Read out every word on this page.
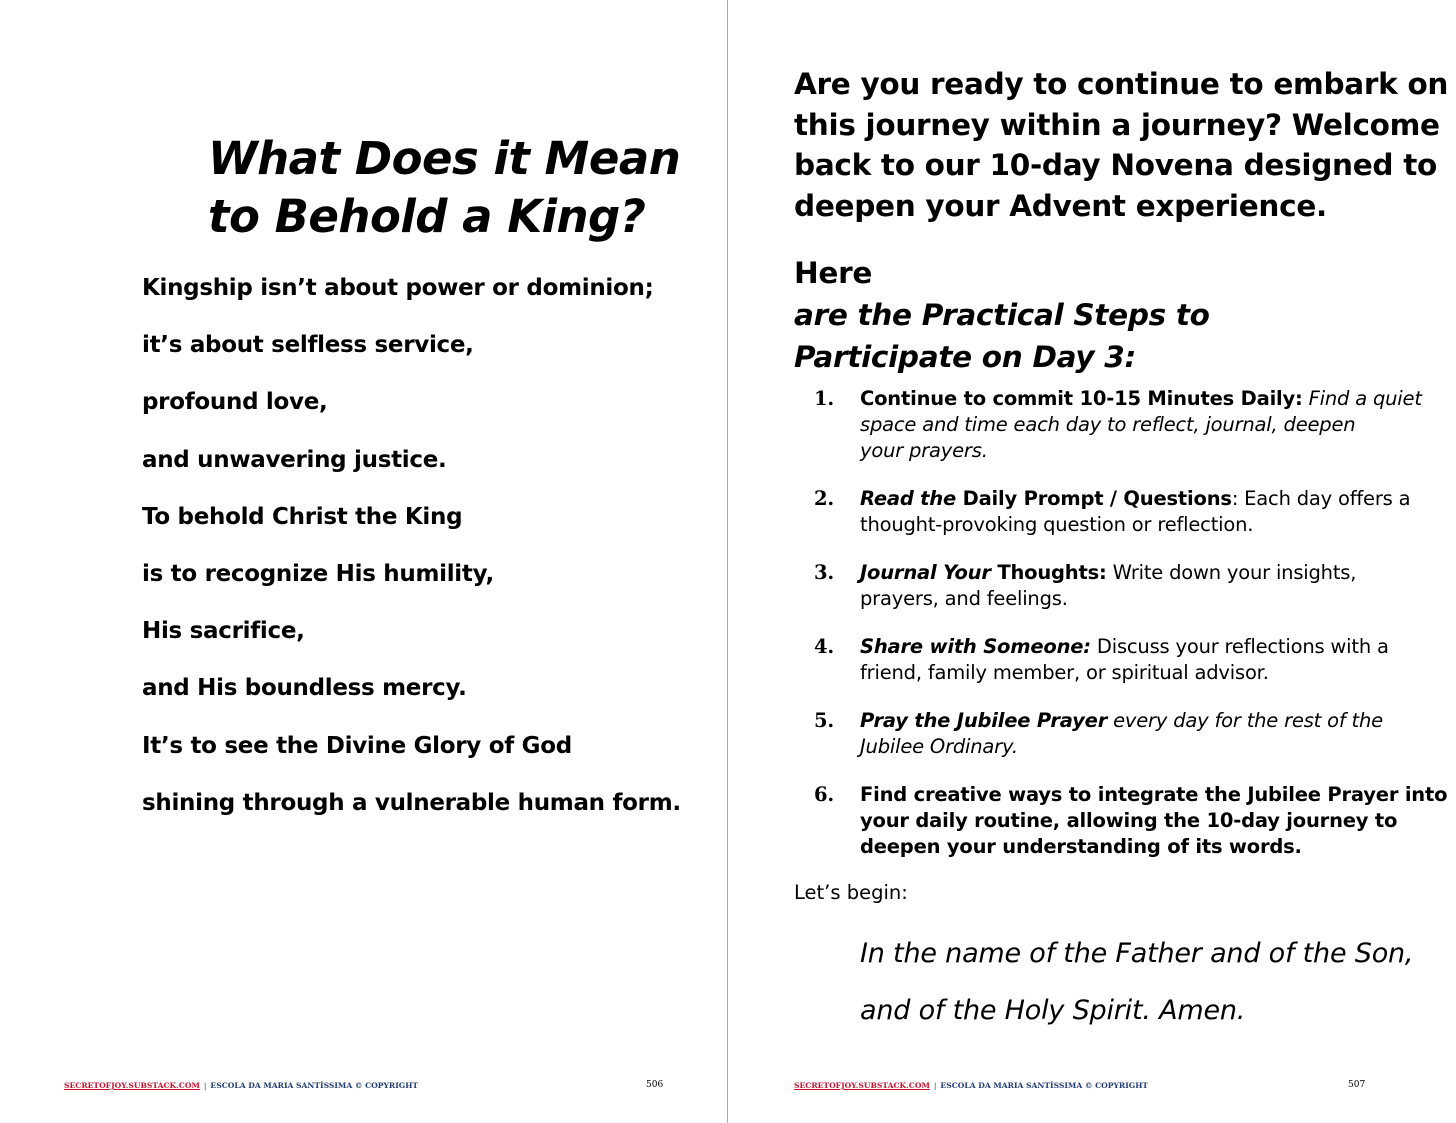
What Does it Mean
to Behold a King?
Kingship isn’t about power or dominion;
it’s about selfless service,
profound love,
and unwavering justice.
To behold Christ the King
is to recognize His humility,
His sacrifice,
and His boundless mercy.
It’s to see the Divine Glory of God
shining through a vulnerable human form.
SECRETOFJOY.SUBSTACK.COM | ESCOLA DA MARIA SANTÍSSIMA © COPYRIGHT	506
Are you ready to continue to embark on
this journey within a journey? Welcome
back to our 10-day Novena designed to
deepen your Advent experience.
Here
are the Practical Steps to
Participate on Day 3:
1. Continue to commit 10-15 Minutes Daily: Find a quiet
space and time each day to reflect, journal, deepen
your prayers.
2. Read the Daily Prompt / Questions: Each day offers a
thought-provoking question or reflection.
3. Journal Your Thoughts: Write down your insights,
prayers, and feelings.
4. Share with Someone: Discuss your reflections with a
friend, family member, or spiritual advisor.
5. Pray the Jubilee Prayer every day for the rest of the
Jubilee Ordinary.
6. Find creative ways to integrate the Jubilee Prayer into
your daily routine, allowing the 10-day journey to
deepen your understanding of its words.
Let’s begin:
In the name of the Father and of the Son,
and of the Holy Spirit. Amen.
SECRETOFJOY.SUBSTACK.COM | ESCOLA DA MARIA SANTÍSSIMA © COPYRIGHT	507
